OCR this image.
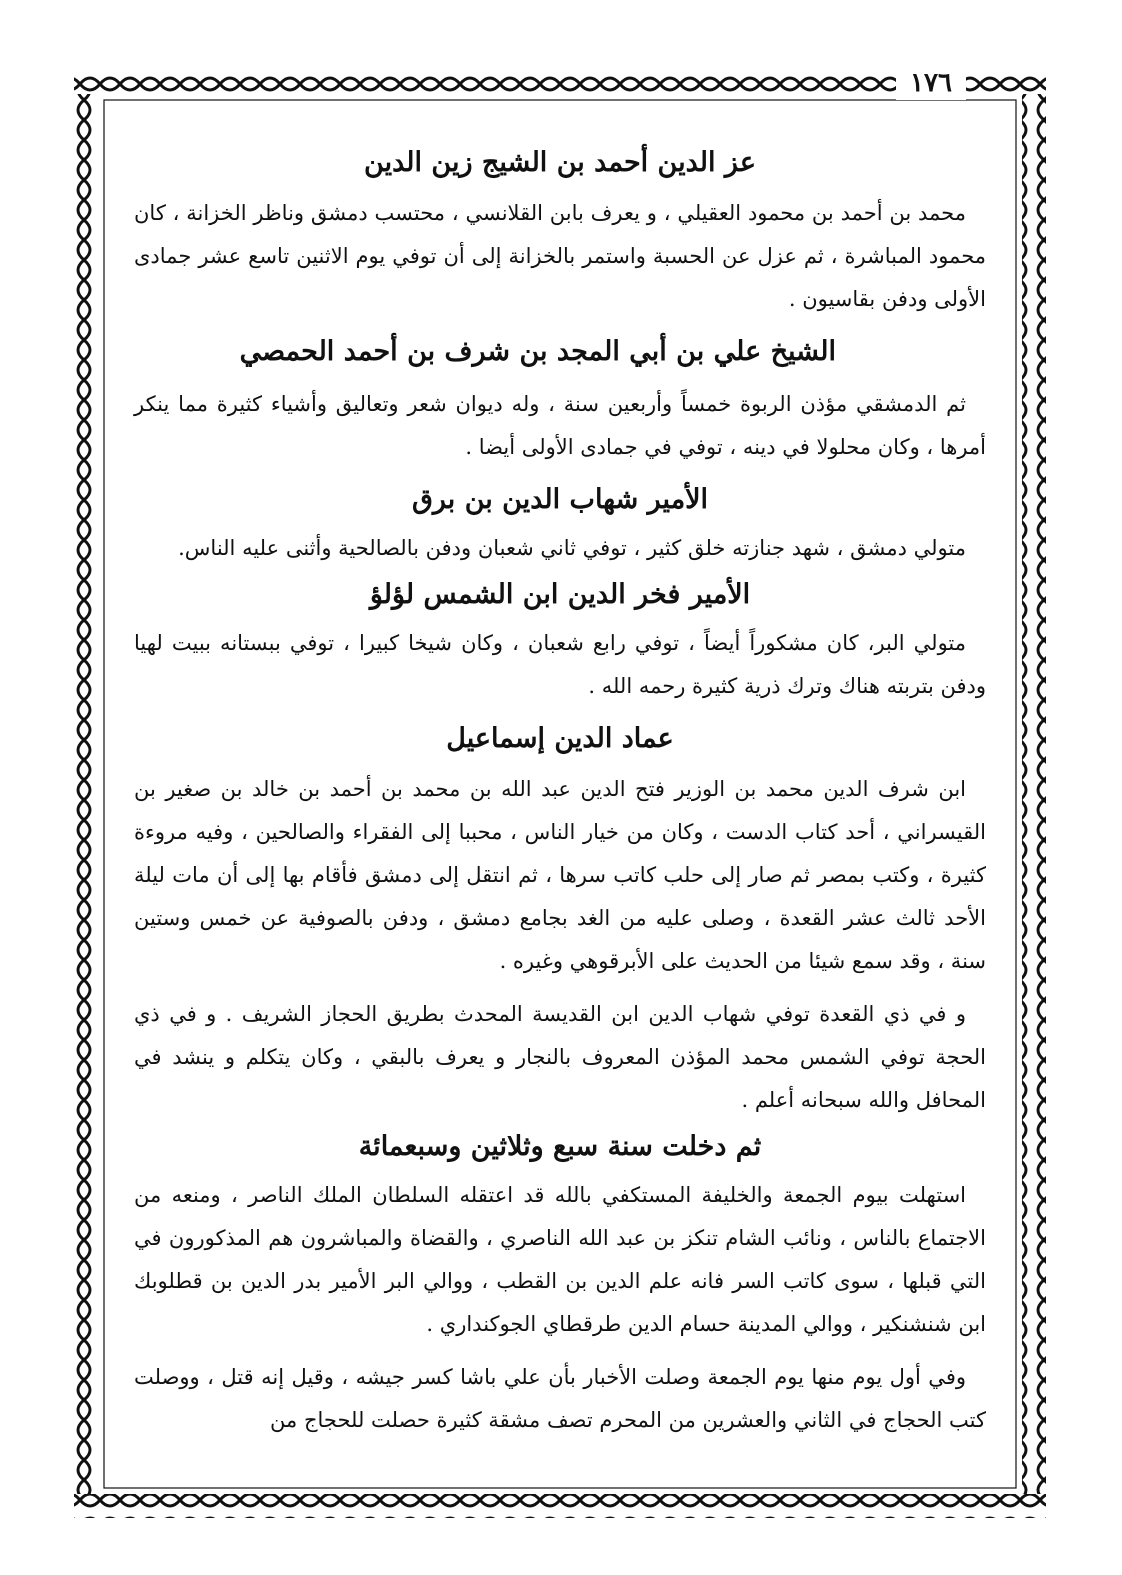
١٧٦
عز الدين أحمد بن الشيج زين الدين
محمد بن أحمد بن محمود العقيلي ، و يعرف بابن القلانسي ، محتسب دمشق وناظر الخزانة ، كان محمود المباشرة ، ثم عزل عن الحسبة واستمر بالخزانة إلى أن توفي يوم الاثنين تاسع عشر جمادى الأولى ودفن بقاسيون .
الشيخ علي بن أبي المجد بن شرف بن أحمد الحمصي
ثم الدمشقي مؤذن الربوة خمساً وأربعين سنة ، وله ديوان شعر وتعاليق وأشياء كثيرة مما ينكر أمرها ، وكان محلولا في دينه ، توفي في جمادى الأولى أيضا .
الأمير شهاب الدين بن برق
متولي دمشق ، شهد جنازته خلق كثير ، توفي ثاني شعبان ودفن بالصالحية وأثنى عليه الناس.
الأمير فخر الدين ابن الشمس لؤلؤ
متولي البر، كان مشكوراً أيضاً ، توفي رابع شعبان ، وكان شيخا كبيرا ، توفي ببستانه ببيت لهيا ودفن بتربته هناك وترك ذرية كثيرة رحمه الله .
عماد الدين إسماعيل
ابن شرف الدين محمد بن الوزير فتح الدين عبد الله بن محمد بن أحمد بن خالد بن صغير بن القيسراني ، أحد كتاب الدست ، وكان من خيار الناس ، محببا إلى الفقراء والصالحين ، وفيه مروءة كثيرة ، وكتب بمصر ثم صار إلى حلب كاتب سرها ، ثم انتقل إلى دمشق فأقام بها إلى أن مات ليلة الأحد ثالث عشر القعدة ، وصلى عليه من الغد بجامع دمشق ، ودفن بالصوفية عن خمس وستين سنة ، وقد سمع شيئا من الحديث على الأبرقوهي وغيره .
و في ذي القعدة توفي شهاب الدين ابن القديسة المحدث بطريق الحجاز الشريف . و في ذي الحجة توفي الشمس محمد المؤذن المعروف بالنجار و يعرف بالبقي ، وكان يتكلم و ينشد في المحافل والله سبحانه أعلم .
ثم دخلت سنة سبع وثلاثين وسبعمائة
استهلت بيوم الجمعة والخليفة المستكفي بالله قد اعتقله السلطان الملك الناصر ، ومنعه من الاجتماع بالناس ، ونائب الشام تنكز بن عبد الله الناصري ، والقضاة والمباشرون هم المذكورون في التي قبلها ، سوى كاتب السر فانه علم الدين بن القطب ، ووالي البر الأمير بدر الدين بن قطلوبك ابن شنشنكير ، ووالي المدينة حسام الدين طرقطاي الجوكنداري .
وفي أول يوم منها يوم الجمعة وصلت الأخبار بأن علي باشا كسر جيشه ، وقيل إنه قتل ، ووصلت كتب الحجاج في الثاني والعشرين من المحرم تصف مشقة كثيرة حصلت للحجاج من
